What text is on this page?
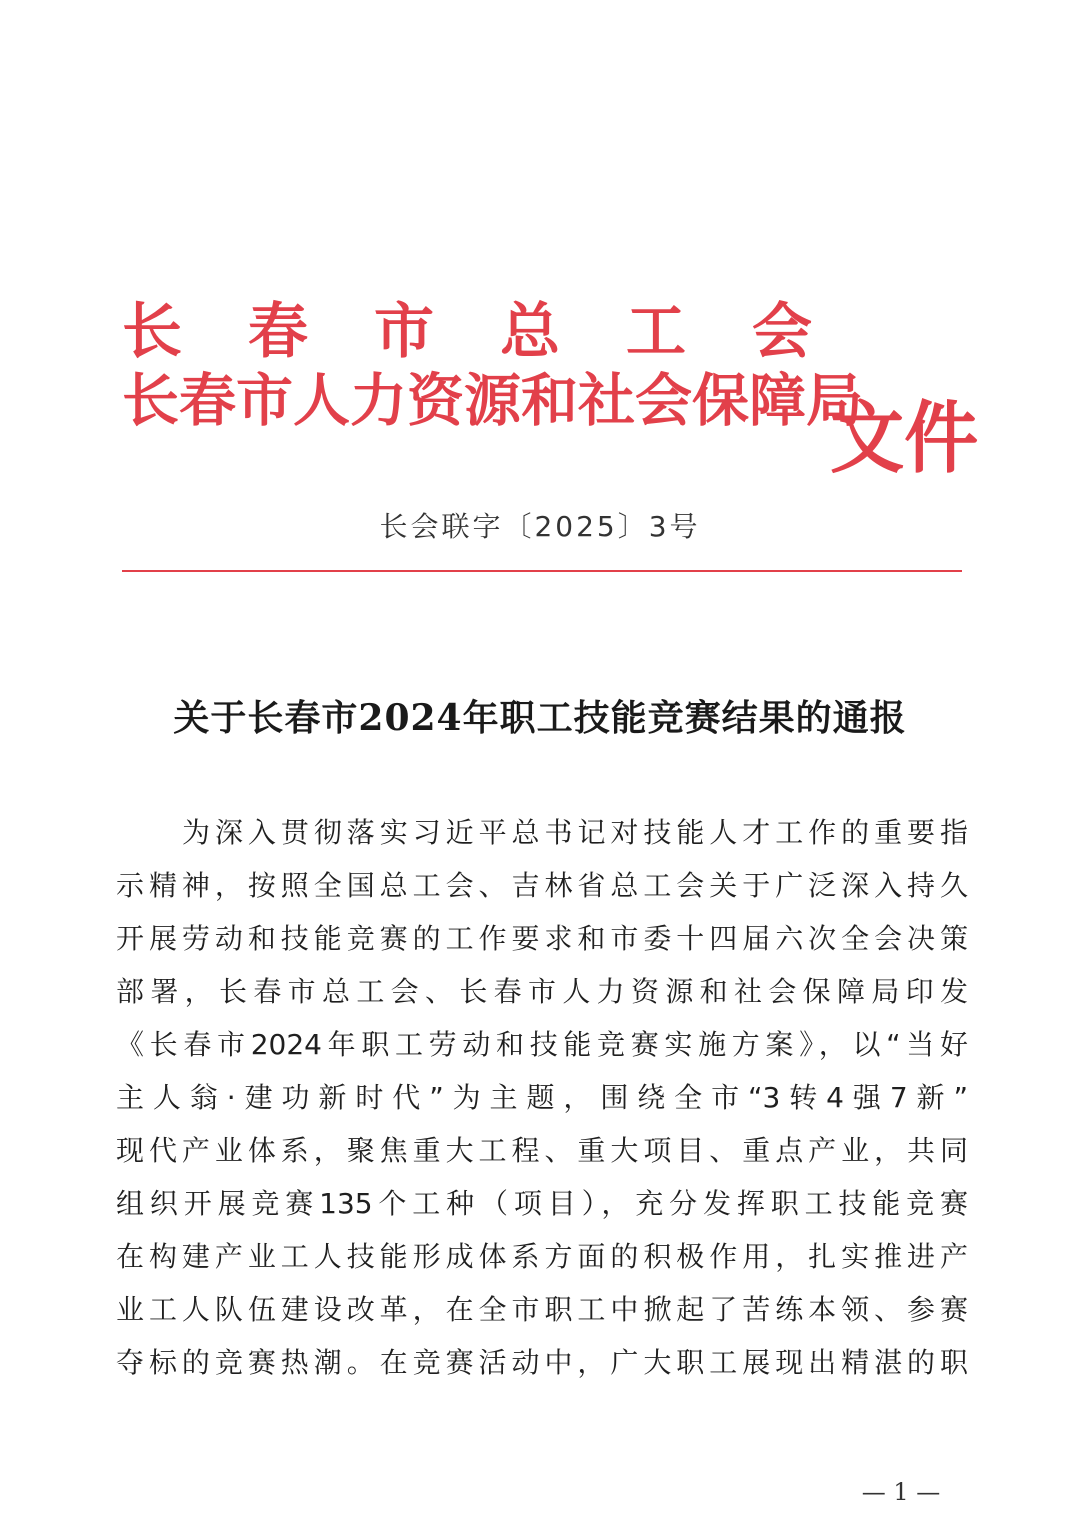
长春市总工会

长春市人力资源和社会保障局

文件

长会联字〔2025〕3号

关于长春市2024年职工技能竞赛结果的通报
为深入贯彻落实习近平总书记对技能人才工作的重要指
示精神，按照全国总工会、吉林省总工会关于广泛深入持久
开展劳动和技能竞赛的工作要求和市委十四届六次全会决策
部署，长春市总工会、长春市人力资源和社会保障局印发
《长春市2024年职工劳动和技能竞赛实施方案》，以“当好
主人翁·建功新时代”为主题，围绕全市“3转4强7新”
现代产业体系，聚焦重大工程、重大项目、重点产业，共同
组织开展竞赛135个工种（项目），充分发挥职工技能竞赛
在构建产业工人技能形成体系方面的积极作用，扎实推进产
业工人队伍建设改革，在全市职工中掀起了苦练本领、参赛
夺标的竞赛热潮。在竞赛活动中，广大职工展现出精湛的职

— 1 —
